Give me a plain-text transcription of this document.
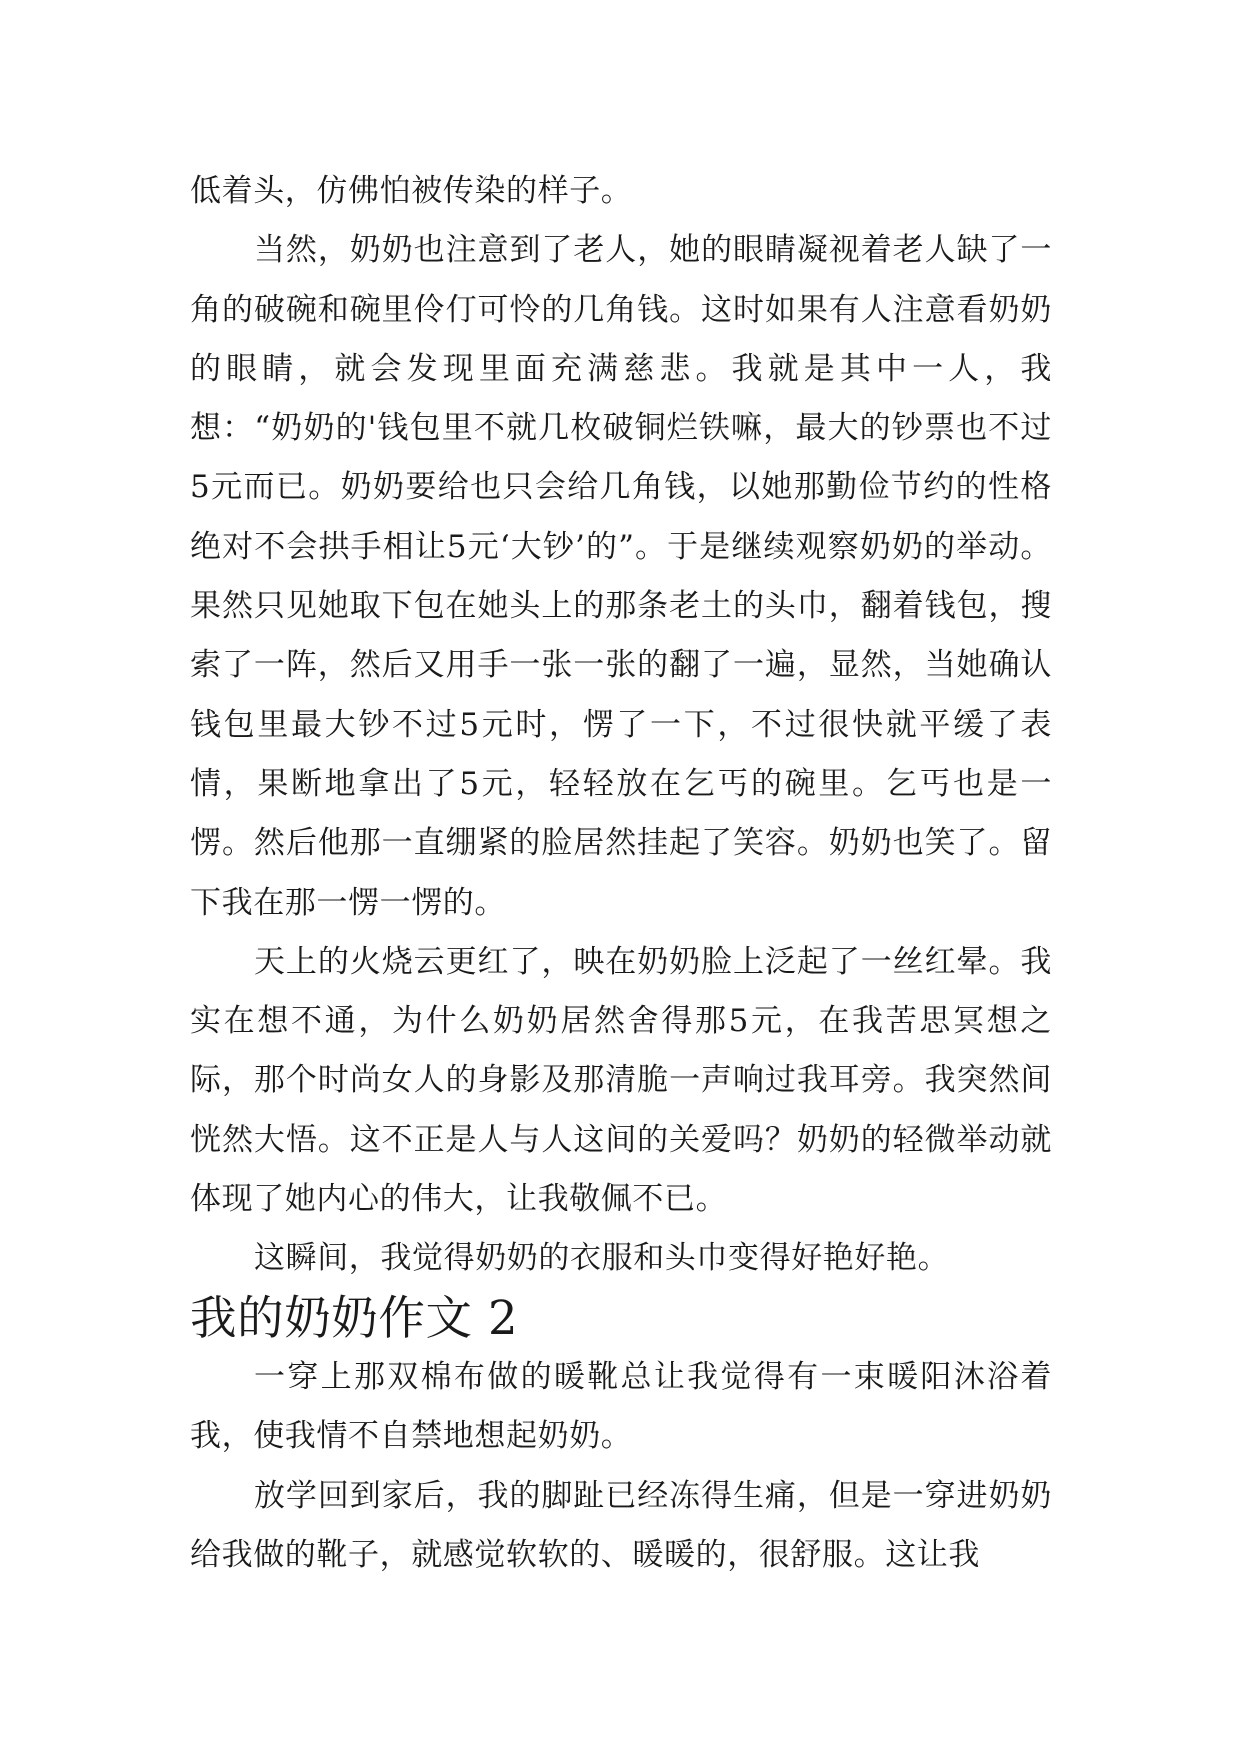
低着头，仿佛怕被传染的样子。

当然，奶奶也注意到了老人，她的眼睛凝视着老人缺了一角的破碗和碗里伶仃可怜的几角钱。这时如果有人注意看奶奶的眼睛，就会发现里面充满慈悲。我就是其中一人，我想：“奶奶的'钱包里不就几枚破铜烂铁嘛，最大的钞票也不过5元而已。奶奶要给也只会给几角钱，以她那勤俭节约的性格绝对不会拱手相让5元‘大钞’的”。于是继续观察奶奶的举动。果然只见她取下包在她头上的那条老土的头巾，翻着钱包，搜索了一阵，然后又用手一张一张的翻了一遍，显然，当她确认钱包里最大钞不过5元时，愣了一下，不过很快就平缓了表情，果断地拿出了5元，轻轻放在乞丐的碗里。乞丐也是一愣。然后他那一直绷紧的脸居然挂起了笑容。奶奶也笑了。留下我在那一愣一愣的。

天上的火烧云更红了，映在奶奶脸上泛起了一丝红晕。我实在想不通，为什么奶奶居然舍得那5元，在我苦思冥想之际，那个时尚女人的身影及那清脆一声响过我耳旁。我突然间恍然大悟。这不正是人与人这间的关爱吗？奶奶的轻微举动就体现了她内心的伟大，让我敬佩不已。

这瞬间，我觉得奶奶的衣服和头巾变得好艳好艳。

我的奶奶作文 2

一穿上那双棉布做的暖靴总让我觉得有一束暖阳沐浴着我，使我情不自禁地想起奶奶。

放学回到家后，我的脚趾已经冻得生痛，但是一穿进奶奶给我做的靴子，就感觉软软的、暖暖的，很舒服。这让我
